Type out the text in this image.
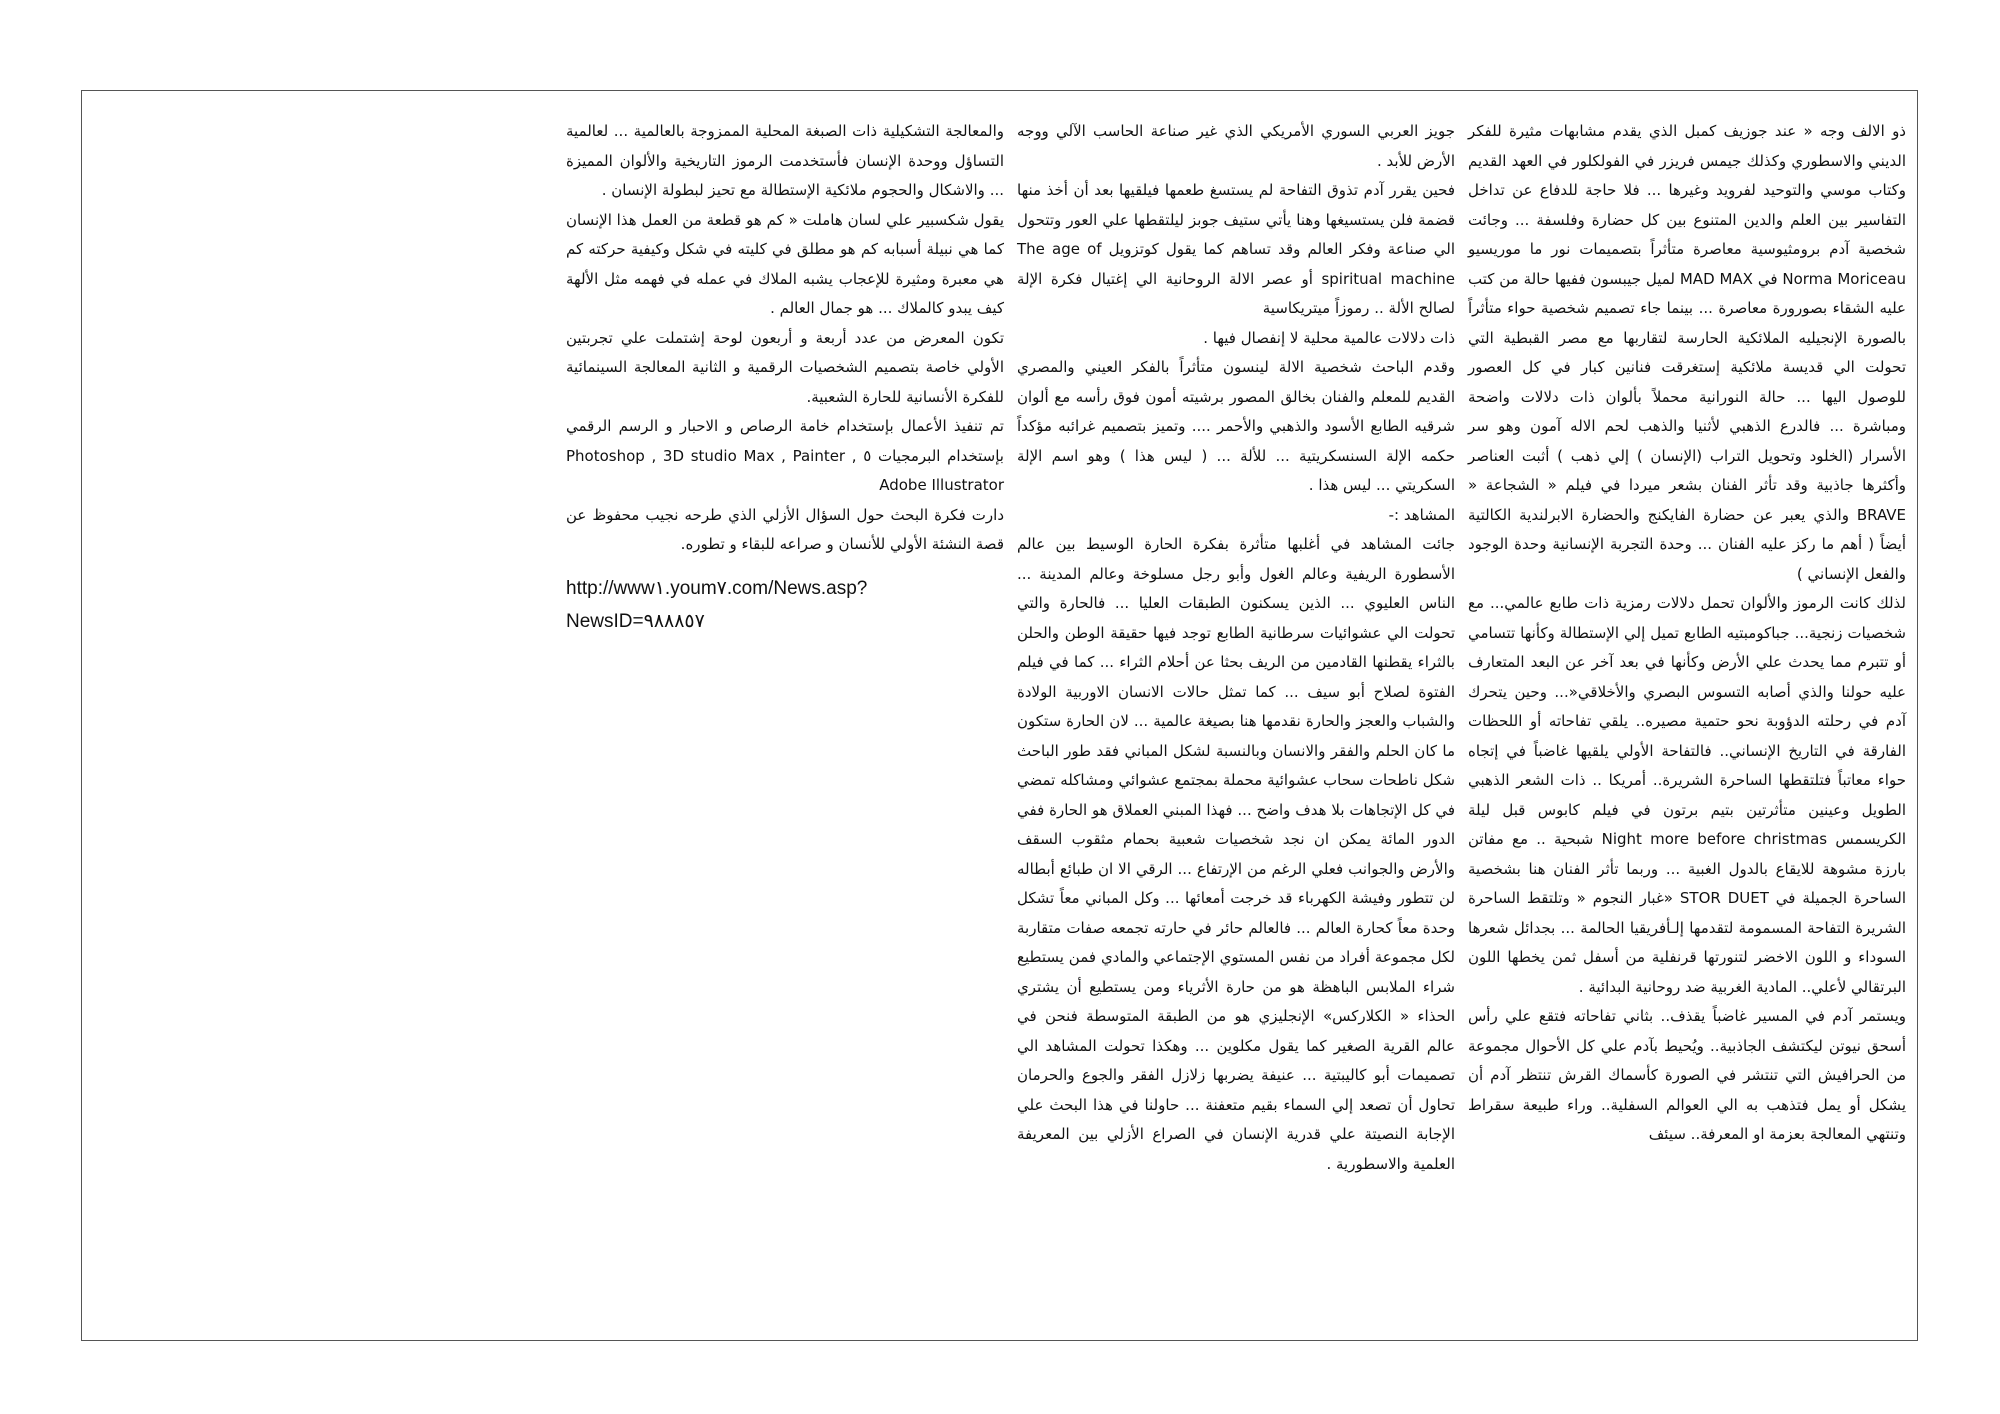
ذو الالف وجه « عند جوزيف كمبل الذي يقدم مشابهات مثيرة للفكر الديني والاسطوري وكذلك جيمس فريزر في الفولكلور في العهد القديم وكتاب موسي والتوحيد لفرويد وغيرها ... فلا حاجة للدفاع عن تداخل التفاسير بين العلم والدين المتنوع بين كل حضارة وفلسفة ... وجائت شخصية آدم برومثيوسية معاصرة متأثراً بتصميمات نور ما موريسيو Norma Moriceau في MAD MAX لميل جيبسون ففيها حالة من كتب عليه الشقاء بصورورة معاصرة ... بينما جاء تصميم شخصية حواء متأثراً بالصورة الإنجيليه الملائكية الحارسة لتقاربها مع مصر القبطية التي تحولت الي قديسة ملائكية إستغرقت فنانين كبار في كل العصور للوصول اليها ... حالة النورانية محملاً بألوان ذات دلالات واضحة ومباشرة ... فالدرع الذهبي لأثنيا والذهب لحم الاله آمون وهو سر الأسرار (الخلود وتحويل التراب (الإنسان ) إلي ذهب ) أثبت العناصر وأكثرها جاذبية وقد تأثر الفنان بشعر ميردا في فيلم « الشجاعة « BRAVE والذي يعبر عن حضارة الفايكنج والحضارة الابرلندية الكالتية أيضاً ( أهم ما ركز عليه الفنان ... وحدة التجربة الإنسانية وحدة الوجود والفعل الإنساني )

لذلك كانت الرموز والألوان تحمل دلالات رمزية ذات طابع عالمي... مع شخصيات زنجية... جباكومبتيه الطابع تميل إلي الإستطالة وكأنها تتسامي أو تتبرم مما يحدث علي الأرض وكأنها في بعد آخر عن البعد المتعارف عليه حولنا والذي أصابه التسوس البصري والأخلاقي«... وحين يتحرك آدم في رحلته الدؤوبة نحو حتمية مصيره.. يلقي تفاحاته أو اللحظات الفارقة في التاريخ الإنساني.. فالتفاحة الأولي يلقيها غاضباً في إتجاه حواء معاتباً فتلتقطها الساحرة الشريرة.. أمريكا .. ذات الشعر الذهبي الطويل وعينين متأثرتين بتيم برتون في فيلم كابوس قبل ليلة الكريسمس Night more before christmas شبحية .. مع مفاتن بارزة مشوهة للايقاع بالدول الغبية ... وربما تأثر الفنان هنا بشخصية الساحرة الجميلة في STOR DUET «غبار النجوم « وتلتقط الساحرة الشريرة التفاحة المسمومة لتقدمها إلـأفريقيا الحالمة ... بجدائل شعرها السوداء و اللون الاخضر لتنورتها قرنفلية من أسفل ثمن يخطها اللون البرتقالي لأعلي.. المادية الغربية ضد روحانية البدائية .

ويستمر آدم في المسير غاضباً يقذف.. بثاني تفاحاته فتقع علي رأس أسحق نيوتن ليكتشف الجاذبية.. ويُحيط بآدم علي كل الأحوال مجموعة من الحرافيش التي تنتشر في الصورة كأسماك القرش تنتظر آدم أن يشكل أو يمل فتذهب به الي العوالم السفلية.. وراء طبيعة سقراط وتنتهي المعالجة بعزمة او المعرفة.. سيئف

جويز العربي السوري الأمريكي الذي غير صناعة الحاسب الآلي ووجه الأرض للأبد .

فحين يقرر آدم تذوق التفاحة لم يستسغ طعمها فيلقيها بعد أن أخذ منها قضمة فلن يستسيغها وهنا يأتي ستيف جوبز ليلتقطها علي العور وتتحول الي صناعة وفكر العالم وقد تساهم كما يقول كوتزويل The age of spiritual machine أو عصر الالة الروحانية الي إغتيال فكرة الإلة لصالح الألة .. رموزاً ميتريكاسية

ذات دلالات عالمية محلية لا إنفصال فيها .

وقدم الباحث شخصية الالة لينسون متأثراً بالفكر العيني والمصري القديم للمعلم والفنان بخالق المصور برشيته أمون فوق رأسه مع ألوان شرقيه الطابع الأسود والذهبي والأحمر .... وتميز بتصميم غرائبه مؤكداً حكمه الإلة السنسكريتية ... للألة ... ( ليس هذا ) وهو اسم الإلة السكريتي ... ليس هذا .

المشاهد :-

جائت المشاهد في أغلبها متأثرة بفكرة الحارة الوسيط بين عالم الأسطورة الريفية وعالم الغول وأبو رجل مسلوخة وعالم المدينة ... الناس العليوي ... الذين يسكنون الطبقات العليا ... فالحارة والتي تحولت الي عشوائيات سرطانية الطابع توجد فيها حقيقة الوطن والحلن بالثراء يقطنها القادمين من الريف بحثا عن أحلام الثراء ... كما في فيلم الفتوة لصلاح أبو سيف ... كما تمثل حالات الانسان الاوربية الولادة والشباب والعجز والحارة نقدمها هنا بصيغة عالمية ... لان الحارة ستكون ما كان الحلم والفقر والانسان وبالنسبة لشكل المباني فقد طور الباحث شكل ناطحات سحاب عشوائية محملة بمجتمع عشوائي ومشاكله تمضي في كل الإتجاهات بلا هدف واضح ... فهذا المبني العملاق هو الحارة ففي الدور المائة يمكن ان نجد شخصيات شعبية بحمام مثقوب السقف والأرض والجوانب فعلي الرغم من الإرتفاع ... الرقي الا ان طبائع أبطاله لن تتطور وفيشة الكهرباء قد خرجت أمعائها ... وكل المباني معاً تشكل وحدة معاً كحارة العالم ... فالعالم حائر في حارته تجمعه صفات متقاربة لكل مجموعة أفراد من نفس المستوي الإجتماعي والمادي فمن يستطيع شراء الملابس الباهظة هو من حارة الأثرياء ومن يستطيع أن يشتري الحذاء « الكلاركس» الإنجليزي هو من الطبقة المتوسطة فنحن في عالم القرية الصغير كما يقول مكلوين ... وهكذا تحولت المشاهد الي تصميمات أبو كاليبتية ... عنيفة يضربها زلازل الفقر والجوع والحرمان تحاول أن تصعد إلي السماء بقيم متعفنة ... حاولنا في هذا البحث علي الإجابة النصيتة علي قدرية الإنسان في الصراع الأزلي بين المعريفة العلمية والاسطورية .

والمعالجة التشكيلية ذات الصبغة المحلية الممزوجة بالعالمية ... لعالمية التساؤل ووحدة الإنسان فأستخدمت الرموز التاريخية والألوان المميزة ... والاشكال والحجوم ملائكية الإستطالة مع تحيز لبطولة الإنسان .

يقول شكسبير علي لسان هاملت « كم هو قطعة من العمل هذا الإنسان كما هي نبيلة أسبابه كم هو مطلق في كليته في شكل وكيفية حركته كم هي معبرة ومثيرة للإعجاب يشبه الملاك في عمله في فهمه مثل الألهة كيف يبدو كالملاك ... هو جمال العالم .

تكون المعرض من عدد أربعة و أربعون لوحة إشتملت علي تجربتين الأولي خاصة بتصميم الشخصيات الرقمية و الثانية المعالجة السينمائية للفكرة الأنسانية للحارة الشعبية.

تم تنفيذ الأعمال بإستخدام خامة الرصاص و الاحبار و الرسم الرقمي بإستخدام البرمجيات ٥ Photoshop , 3D studio Max , Painter , Adobe Illustrator

دارت فكرة البحث حول السؤال الأزلي الذي طرحه نجيب محفوظ عن قصة النشئة الأولي للأنسان و صراعه للبقاء و تطوره.

http://www١.youm٧.com/News.asp?NewsID=٩٨٨٨٥٧
